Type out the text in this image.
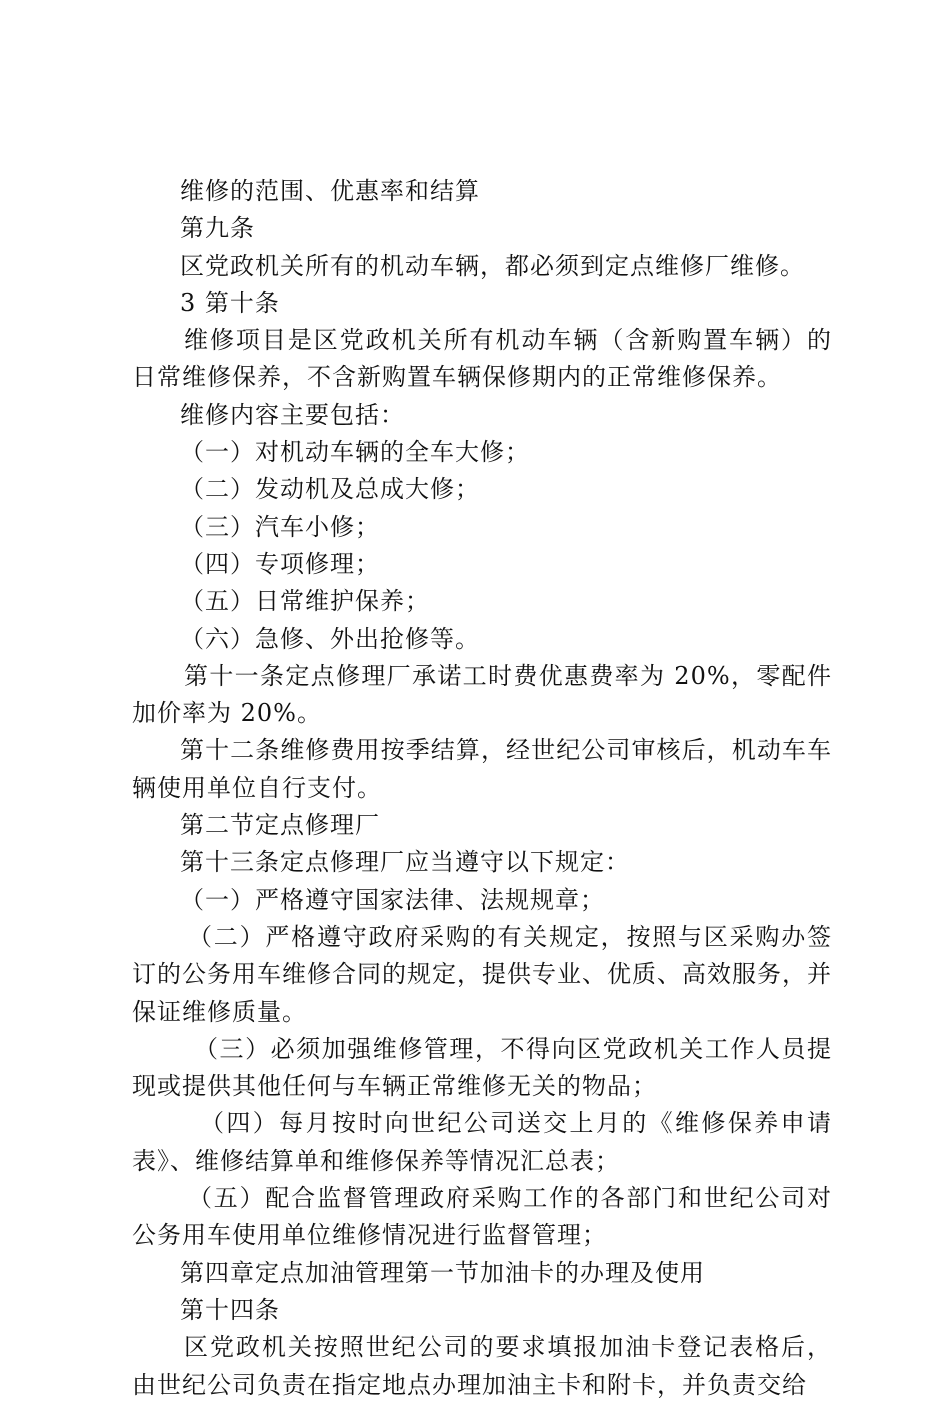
维修的范围、优惠率和结算

第九条

区党政机关所有的机动车辆，都必须到定点维修厂维修。

3 第十条

维修项目是区党政机关所有机动车辆（含新购置车辆）的日常维修保养，不含新购置车辆保修期内的正常维修保养。

维修内容主要包括：

（一）对机动车辆的全车大修；

（二）发动机及总成大修；

（三）汽车小修；

（四）专项修理；

（五）日常维护保养；

（六）急修、外出抢修等。

第十一条定点修理厂承诺工时费优惠费率为 20%，零配件加价率为 20%。

第十二条维修费用按季结算，经世纪公司审核后，机动车车辆使用单位自行支付。

第二节定点修理厂

第十三条定点修理厂应当遵守以下规定：

（一）严格遵守国家法律、法规规章；

（二）严格遵守政府采购的有关规定，按照与区采购办签订的公务用车维修合同的规定，提供专业、优质、高效服务，并保证维修质量。

（三）必须加强维修管理，不得向区党政机关工作人员提现或提供其他任何与车辆正常维修无关的物品；

（四）每月按时向世纪公司送交上月的《维修保养申请表》、维修结算单和维修保养等情况汇总表；

（五）配合监督管理政府采购工作的各部门和世纪公司对公务用车使用单位维修情况进行监督管理；

第四章定点加油管理第一节加油卡的办理及使用

第十四条

区党政机关按照世纪公司的要求填报加油卡登记表格后，由世纪公司负责在指定地点办理加油主卡和附卡，并负责交给
